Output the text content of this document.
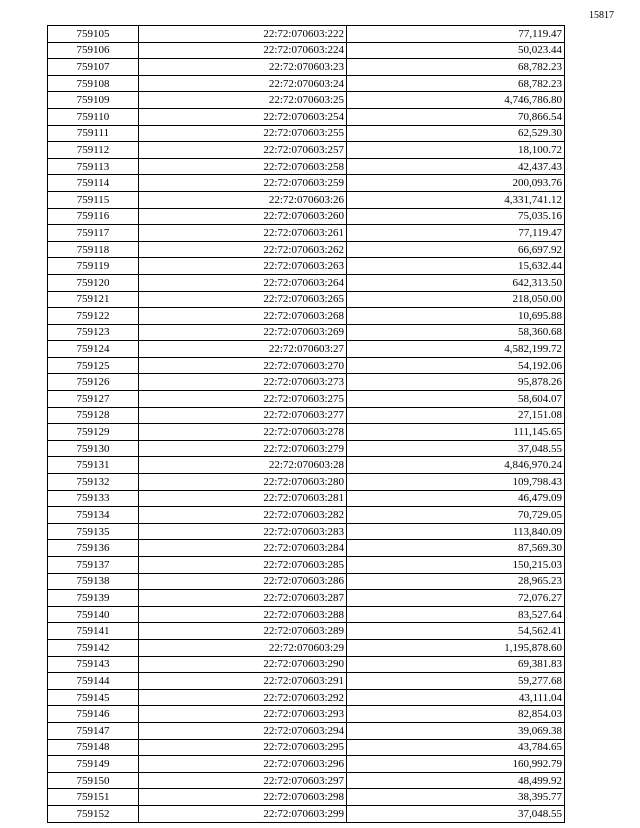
15817
759105	22:72:070603:222	77,119.47
759106	22:72:070603:224	50,023.44
759107	22:72:070603:23	68,782.23
759108	22:72:070603:24	68,782.23
759109	22:72:070603:25	4,746,786.80
759110	22:72:070603:254	70,866.54
759111	22:72:070603:255	62,529.30
759112	22:72:070603:257	18,100.72
759113	22:72:070603:258	42,437.43
759114	22:72:070603:259	200,093.76
759115	22:72:070603:26	4,331,741.12
759116	22:72:070603:260	75,035.16
759117	22:72:070603:261	77,119.47
759118	22:72:070603:262	66,697.92
759119	22:72:070603:263	15,632.44
759120	22:72:070603:264	642,313.50
759121	22:72:070603:265	218,050.00
759122	22:72:070603:268	10,695.88
759123	22:72:070603:269	58,360.68
759124	22:72:070603:27	4,582,199.72
759125	22:72:070603:270	54,192.06
759126	22:72:070603:273	95,878.26
759127	22:72:070603:275	58,604.07
759128	22:72:070603:277	27,151.08
759129	22:72:070603:278	111,145.65
759130	22:72:070603:279	37,048.55
759131	22:72:070603:28	4,846,970.24
759132	22:72:070603:280	109,798.43
759133	22:72:070603:281	46,479.09
759134	22:72:070603:282	70,729.05
759135	22:72:070603:283	113,840.09
759136	22:72:070603:284	87,569.30
759137	22:72:070603:285	150,215.03
759138	22:72:070603:286	28,965.23
759139	22:72:070603:287	72,076.27
759140	22:72:070603:288	83,527.64
759141	22:72:070603:289	54,562.41
759142	22:72:070603:29	1,195,878.60
759143	22:72:070603:290	69,381.83
759144	22:72:070603:291	59,277.68
759145	22:72:070603:292	43,111.04
759146	22:72:070603:293	82,854.03
759147	22:72:070603:294	39,069.38
759148	22:72:070603:295	43,784.65
759149	22:72:070603:296	160,992.79
759150	22:72:070603:297	48,499.92
759151	22:72:070603:298	38,395.77
759152	22:72:070603:299	37,048.55
